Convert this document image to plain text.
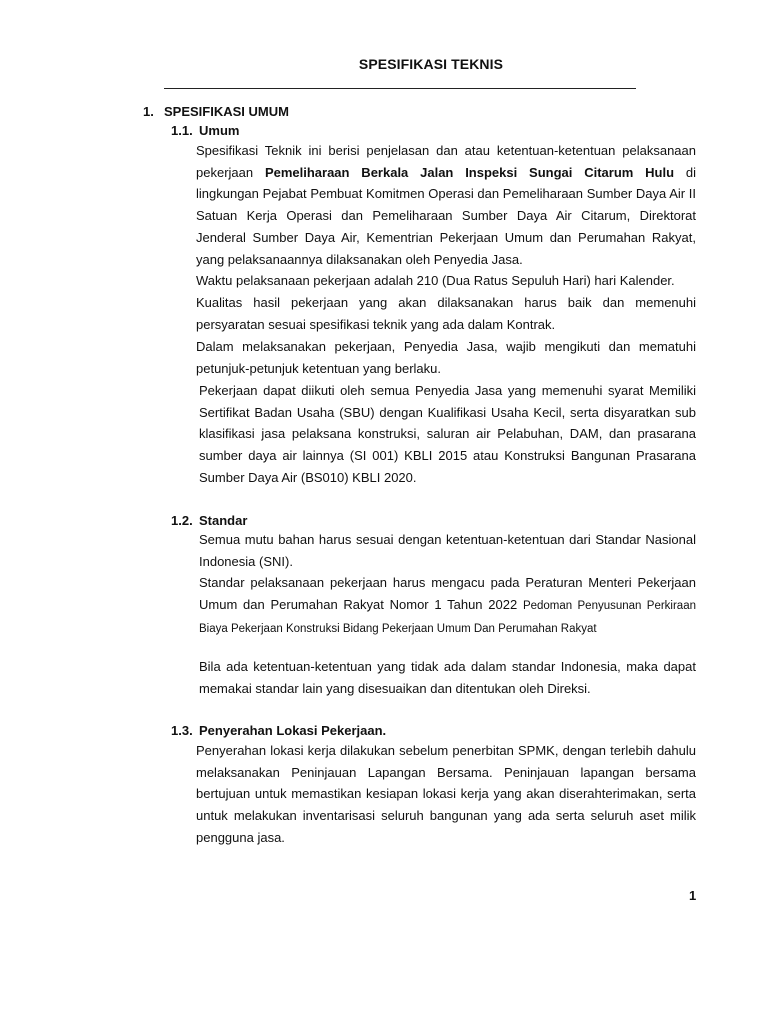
SPESIFIKASI TEKNIS
1. SPESIFIKASI UMUM
1.1. Umum
Spesifikasi Teknik ini berisi penjelasan dan atau ketentuan-ketentuan pelaksanaan pekerjaan Pemeliharaan Berkala Jalan Inspeksi Sungai Citarum Hulu di lingkungan Pejabat Pembuat Komitmen Operasi dan Pemeliharaan Sumber Daya Air II Satuan Kerja Operasi dan Pemeliharaan Sumber Daya Air Citarum, Direktorat Jenderal Sumber Daya Air, Kementrian Pekerjaan Umum dan Perumahan Rakyat, yang pelaksanaannya dilaksanakan oleh Penyedia Jasa.
Waktu pelaksanaan pekerjaan adalah 210 (Dua Ratus Sepuluh Hari) hari Kalender.
Kualitas hasil pekerjaan yang akan dilaksanakan harus baik dan memenuhi persyaratan sesuai spesifikasi teknik yang ada dalam Kontrak.
Dalam melaksanakan pekerjaan, Penyedia Jasa, wajib mengikuti dan mematuhi petunjuk-petunjuk ketentuan yang berlaku.
Pekerjaan dapat diikuti oleh semua Penyedia Jasa yang memenuhi syarat Memiliki Sertifikat Badan Usaha (SBU) dengan Kualifikasi Usaha Kecil, serta disyaratkan sub klasifikasi jasa pelaksana konstruksi, saluran air Pelabuhan, DAM, dan prasarana sumber daya air lainnya (SI 001) KBLI 2015 atau Konstruksi Bangunan Prasarana Sumber Daya Air (BS010) KBLI 2020.
1.2. Standar
Semua mutu bahan harus sesuai dengan ketentuan-ketentuan dari Standar Nasional Indonesia (SNI).
Standar pelaksanaan pekerjaan harus mengacu pada Peraturan Menteri Pekerjaan Umum dan Perumahan Rakyat Nomor 1 Tahun 2022 Pedoman Penyusunan Perkiraan Biaya Pekerjaan Konstruksi Bidang Pekerjaan Umum Dan Perumahan Rakyat
Bila ada ketentuan-ketentuan yang tidak ada dalam standar Indonesia, maka dapat memakai standar lain yang disesuaikan dan ditentukan oleh Direksi.
1.3. Penyerahan Lokasi Pekerjaan.
Penyerahan lokasi kerja dilakukan sebelum penerbitan SPMK, dengan terlebih dahulu melaksanakan Peninjauan Lapangan Bersama. Peninjauan lapangan bersama bertujuan untuk memastikan kesiapan lokasi kerja yang akan diserahterimakan, serta untuk melakukan inventarisasi seluruh bangunan yang ada serta seluruh aset milik pengguna jasa.
1
